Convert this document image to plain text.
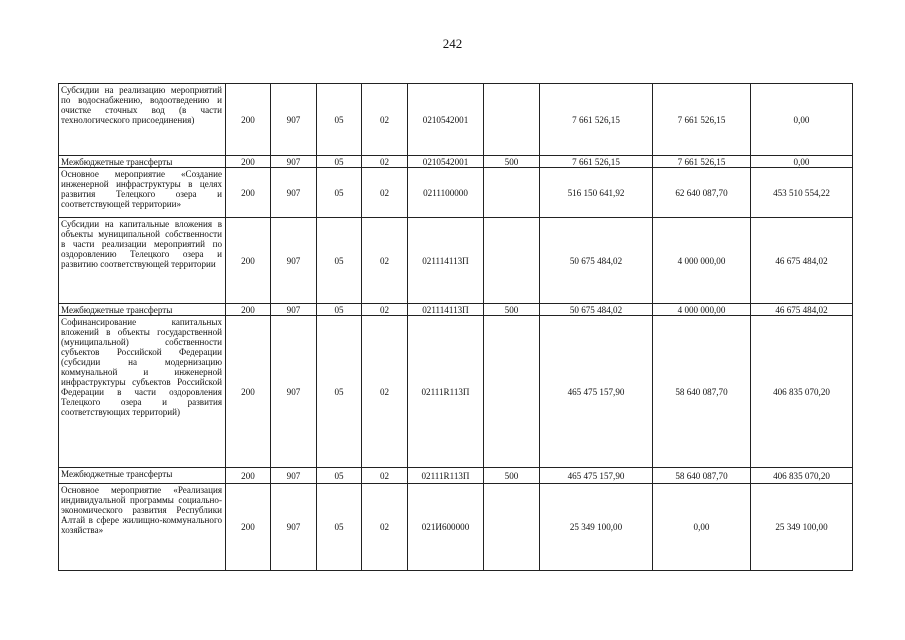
242
Субсидии на реализацию мероприятий по водоснабжению, водоотведению и очистке сточных вод (в части технологического присоединения)	200	907	05	02	0210542001		7 661 526,15	7 661 526,15	0,00
Межбюджетные трансферты	200	907	05	02	0210542001	500	7 661 526,15	7 661 526,15	0,00
Основное мероприятие «Создание инженерной инфраструктуры в целях развития Телецкого озера и соответствующей территории»	200	907	05	02	0211100000		516 150 641,92	62 640 087,70	453 510 554,22
Субсидии на капитальные вложения в объекты муниципальной собственности в части реализации мероприятий по оздоровлению Телецкого озера и развитию соответствующей территории	200	907	05	02	021114113П		50 675 484,02	4 000 000,00	46 675 484,02
Межбюджетные трансферты	200	907	05	02	021114113П	500	50 675 484,02	4 000 000,00	46 675 484,02
Софинансирование капитальных вложений в объекты государственной (муниципальной) собственности субъектов Российской Федерации (субсидии на модернизацию коммунальной и инженерной инфраструктуры субъектов Российской Федерации в части оздоровления Телецкого озера и развития соответствующих территорий)	200	907	05	02	02111R113П		465 475 157,90	58 640 087,70	406 835 070,20
Межбюджетные трансферты	200	907	05	02	02111R113П	500	465 475 157,90	58 640 087,70	406 835 070,20
Основное мероприятие «Реализация индивидуальной программы социально-экономического развития Республики Алтай в сфере жилищно-коммунального хозяйства»	200	907	05	02	021И600000		25 349 100,00	0,00	25 349 100,00
